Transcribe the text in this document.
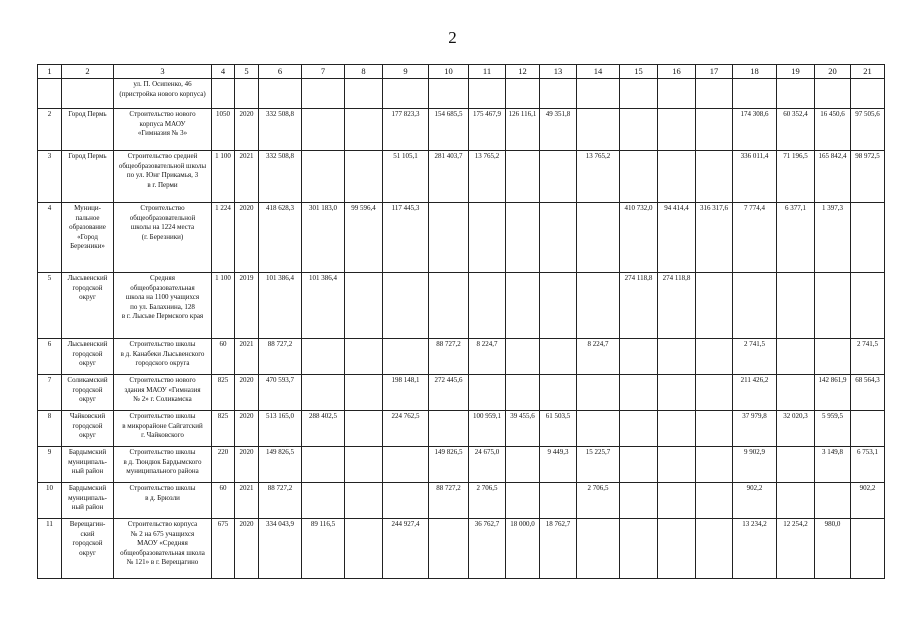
2
1	2	3	4	5	6	7	8	9	10	11	12	13	14	15	16	17	18	19	20	21
		ул. П. Осипенко, 46
(пристройка нового корпуса)																		
2	Город Пермь	Строительство нового
корпуса МАОУ
«Гимназия № 3»	1050	2020	332 508,8			177 823,3	154 685,5	175 467,9	126 116,1	49 351,8					174 308,6	60 352,4	16 450,6	97 505,6
3	Город Пермь	Строительство средней
общеобразовательной школы
по ул. Юнг Прикамья, 3
в г. Перми	1 100	2021	332 508,8			51 105,1	281 403,7	13 765,2			13 765,2				336 011,4	71 196,5	165 842,4	98 972,5
4	Муници-
пальное
образование
«Город
Березники»	Строительство
общеобразовательной
школы на 1224 места
(г. Березники)	1 224	2020	418 628,3	301 183,0	99 596,4	117 445,3						410 732,0	94 414,4	316 317,6	7 774,4	6 377,1	1 397,3	
5	Лысьвенский
городской
округ	Средняя
общеобразовательная
школа на 1100 учащихся
по ул. Балахнина, 128
в г. Лысьве Пермского края	1 100	2019	101 386,4	101 386,4								274 118,8	274 118,8					
6	Лысьвенский
городской
округ	Строительство школы
в д. Канабеки Лысьвенского
городского округа	60	2021	88 727,2				88 727,2	8 224,7			8 224,7				2 741,5			2 741,5
7	Соликамский
городской
округ	Строительство нового
здания МАОУ «Гимназия
№ 2» г. Соликамска	825	2020	470 593,7			198 148,1	272 445,6								211 426,2		142 861,9	68 564,3
8	Чайковский
городской
округ	Строительство школы
в микрорайоне Сайгатский
г. Чайковского	825	2020	513 165,0	288 402,5		224 762,5		100 959,1	39 455,6	61 503,5					37 979,8	32 020,3	5 959,5	
9	Бардымский
муниципаль-
ный район	Строительство школы
в д. Тюндюк Бардымского
муниципального района	220	2020	149 826,5				149 826,5	24 675,0		9 449,3	15 225,7				9 902,9		3 149,8	6 753,1
10	Бардымский
муниципаль-
ный район	Строительство школы
в д. Брюзли	60	2021	88 727,2				88 727,2	2 706,5			2 706,5				902,2			902,2
11	Верещагин-
ский
городской
округ	Строительство корпуса
№ 2 на 675 учащихся
МАОУ «Средняя
общеобразовательная школа
№ 121» в г. Верещагино	675	2020	334 043,9	89 116,5		244 927,4		36 762,7	18 000,0	18 762,7					13 234,2	12 254,2	980,0	
